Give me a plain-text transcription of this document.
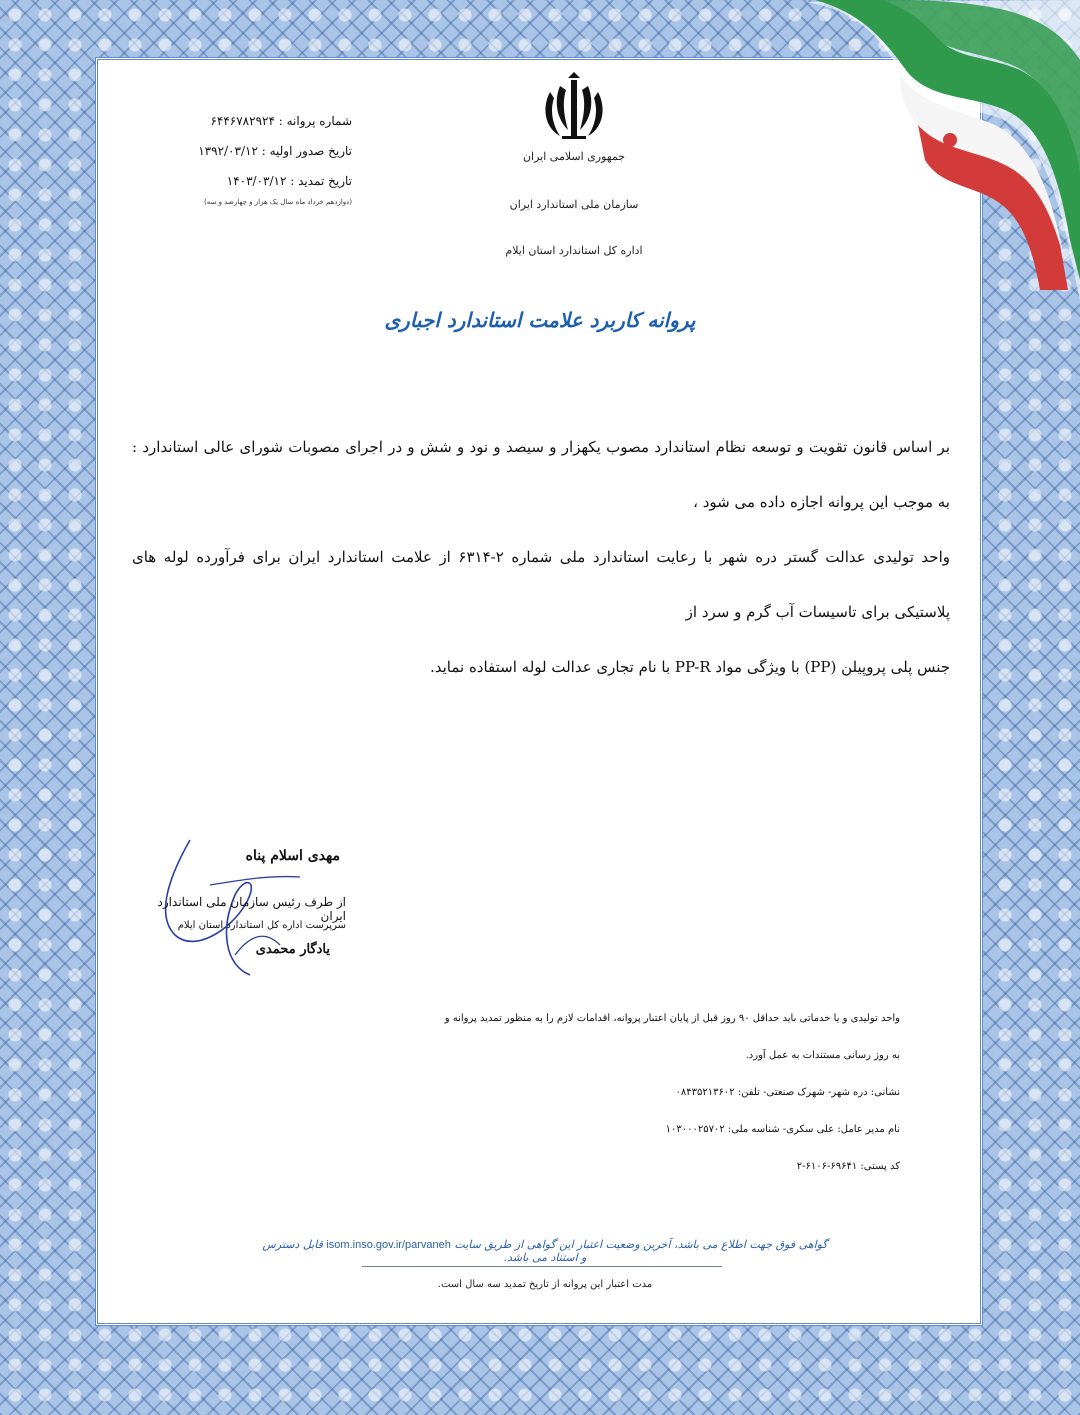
جمهوری اسلامی ایران
سازمان ملی استاندارد ایران
اداره کل استاندارد استان ایلام
شماره پروانه : ۶۴۴۶۷۸۲۹۲۴
تاریخ صدور اولیه : ۱۳۹۲/۰۳/۱۲
تاریخ تمدید : ۱۴۰۳/۰۳/۱۲
(دوازدهم خرداد ماه سال یک هزار و چهارصد و سه)
پروانه کاربرد علامت استاندارد اجباری
بر اساس قانون تقویت و توسعه نظام استاندارد مصوب یکهزار و سیصد و نود و شش و در اجرای مصوبات شورای عالی استاندارد : به موجب این پروانه اجازه داده می شود ،
واحد تولیدی عدالت گستر دره شهر با رعایت استاندارد ملی شماره ۲-۶۳۱۴ از علامت استاندارد ایران برای فرآورده لوله های پلاستیکی برای تاسیسات آب گرم و سرد از
جنس پلی پروپیلن (PP) با ویژگی مواد PP-R با نام تجاری عدالت لوله استفاده نماید.
مهدی اسلام پناه
از طرف رئیس سازمان ملی استاندارد ایران
سرپرست اداره کل استاندارد استان ایلام
یادگار محمدی
واحد تولیدی و یا خدماتی باید حداقل ۹۰ روز قبل از پایان اعتبار پروانه، اقدامات لازم را به منظور تمدید پروانه و به روز رسانی مستندات به عمل آورد.
نشانی: دره شهر- شهرک صنعتی- تلفن: ۰۸۴۳۵۲۱۳۶۰۲
نام مدیر عامل: علی سکری- شناسه ملی: ۱۰۳۰۰۰۲۵۷۰۲
کد پستی: ۶۹۶۴۱-۶۱۰۶-۲
گواهی فوق جهت اطلاع می باشد، آخرین وضعیت اعتبار این گواهی از طریق سایت isom.inso.gov.ir/parvaneh قابل دسترس و استناد می باشد.
مدت اعتبار این پروانه از تاریخ تمدید سه سال است.
